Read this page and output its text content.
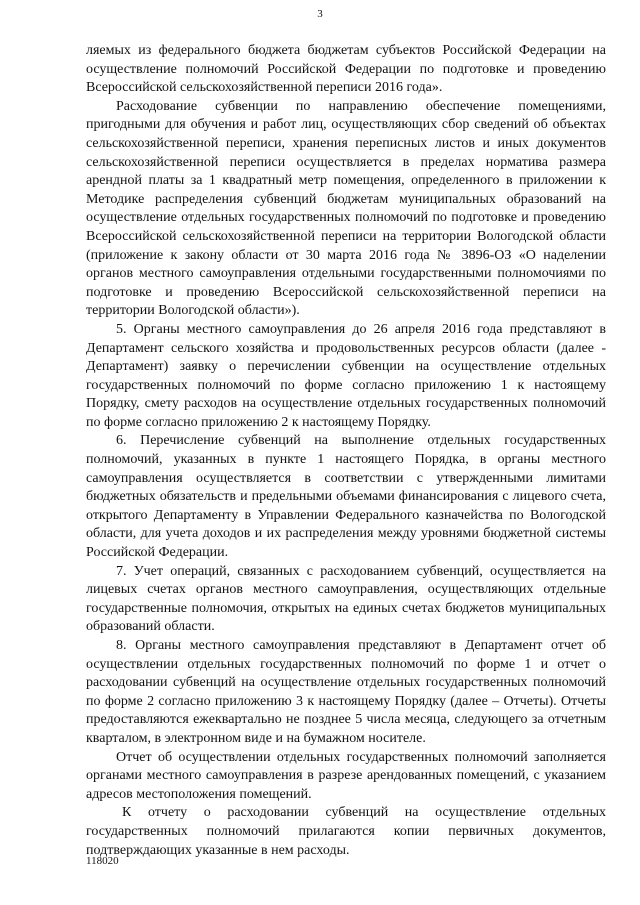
3

ляемых из федерального бюджета бюджетам субъектов Российской Федерации на осуществление полномочий Российской Федерации по подготовке и проведению Всероссийской сельскохозяйственной переписи 2016 года».

Расходование субвенции по направлению обеспечение помещениями, пригодными для обучения и работ лиц, осуществляющих сбор сведений об объектах сельскохозяйственной переписи, хранения переписных листов и иных документов сельскохозяйственной переписи осуществляется в пределах норматива размера арендной платы за 1 квадратный метр помещения, определенного в приложении к Методике распределения субвенций бюджетам муниципальных образований на осуществление отдельных государственных полномочий по подготовке и проведению Всероссийской сельскохозяйственной переписи на территории Вологодской области (приложение к закону области от 30 марта 2016 года № 3896-ОЗ «О наделении органов местного самоуправления отдельными государственными полномочиями по подготовке и проведению Всероссийской сельскохозяйственной переписи на территории Вологодской области»).

5. Органы местного самоуправления до 26 апреля 2016 года представляют в Департамент сельского хозяйства и продовольственных ресурсов области (далее - Департамент) заявку о перечислении субвенции на осуществление отдельных государственных полномочий по форме согласно приложению 1 к настоящему Порядку, смету расходов на осуществление отдельных государственных полномочий по форме согласно приложению 2 к настоящему Порядку.

6. Перечисление субвенций на выполнение отдельных государственных полномочий, указанных в пункте 1 настоящего Порядка, в органы местного самоуправления осуществляется в соответствии с утвержденными лимитами бюджетных обязательств и предельными объемами финансирования с лицевого счета, открытого Департаменту в Управлении Федерального казначейства по Вологодской области, для учета доходов и их распределения между уровнями бюджетной системы Российской Федерации.

7. Учет операций, связанных с расходованием субвенций, осуществляется на лицевых счетах органов местного самоуправления, осуществляющих отдельные государственные полномочия, открытых на единых счетах бюджетов муниципальных образований области.

8. Органы местного самоуправления представляют в Департамент отчет об осуществлении отдельных государственных полномочий по форме 1 и отчет о расходовании субвенций на осуществление отдельных государственных полномочий по форме 2 согласно приложению 3 к настоящему Порядку (далее – Отчеты). Отчеты предоставляются ежеквартально не позднее 5 числа месяца, следующего за отчетным кварталом, в электронном виде и на бумажном носителе.

Отчет об осуществлении отдельных государственных полномочий заполняется органами местного самоуправления в разрезе арендованных помещений, с указанием адресов местоположения помещений.

К отчету о расходовании субвенций на осуществление отдельных государственных полномочий прилагаются копии первичных документов, подтверждающих указанные в нем расходы.

118020
